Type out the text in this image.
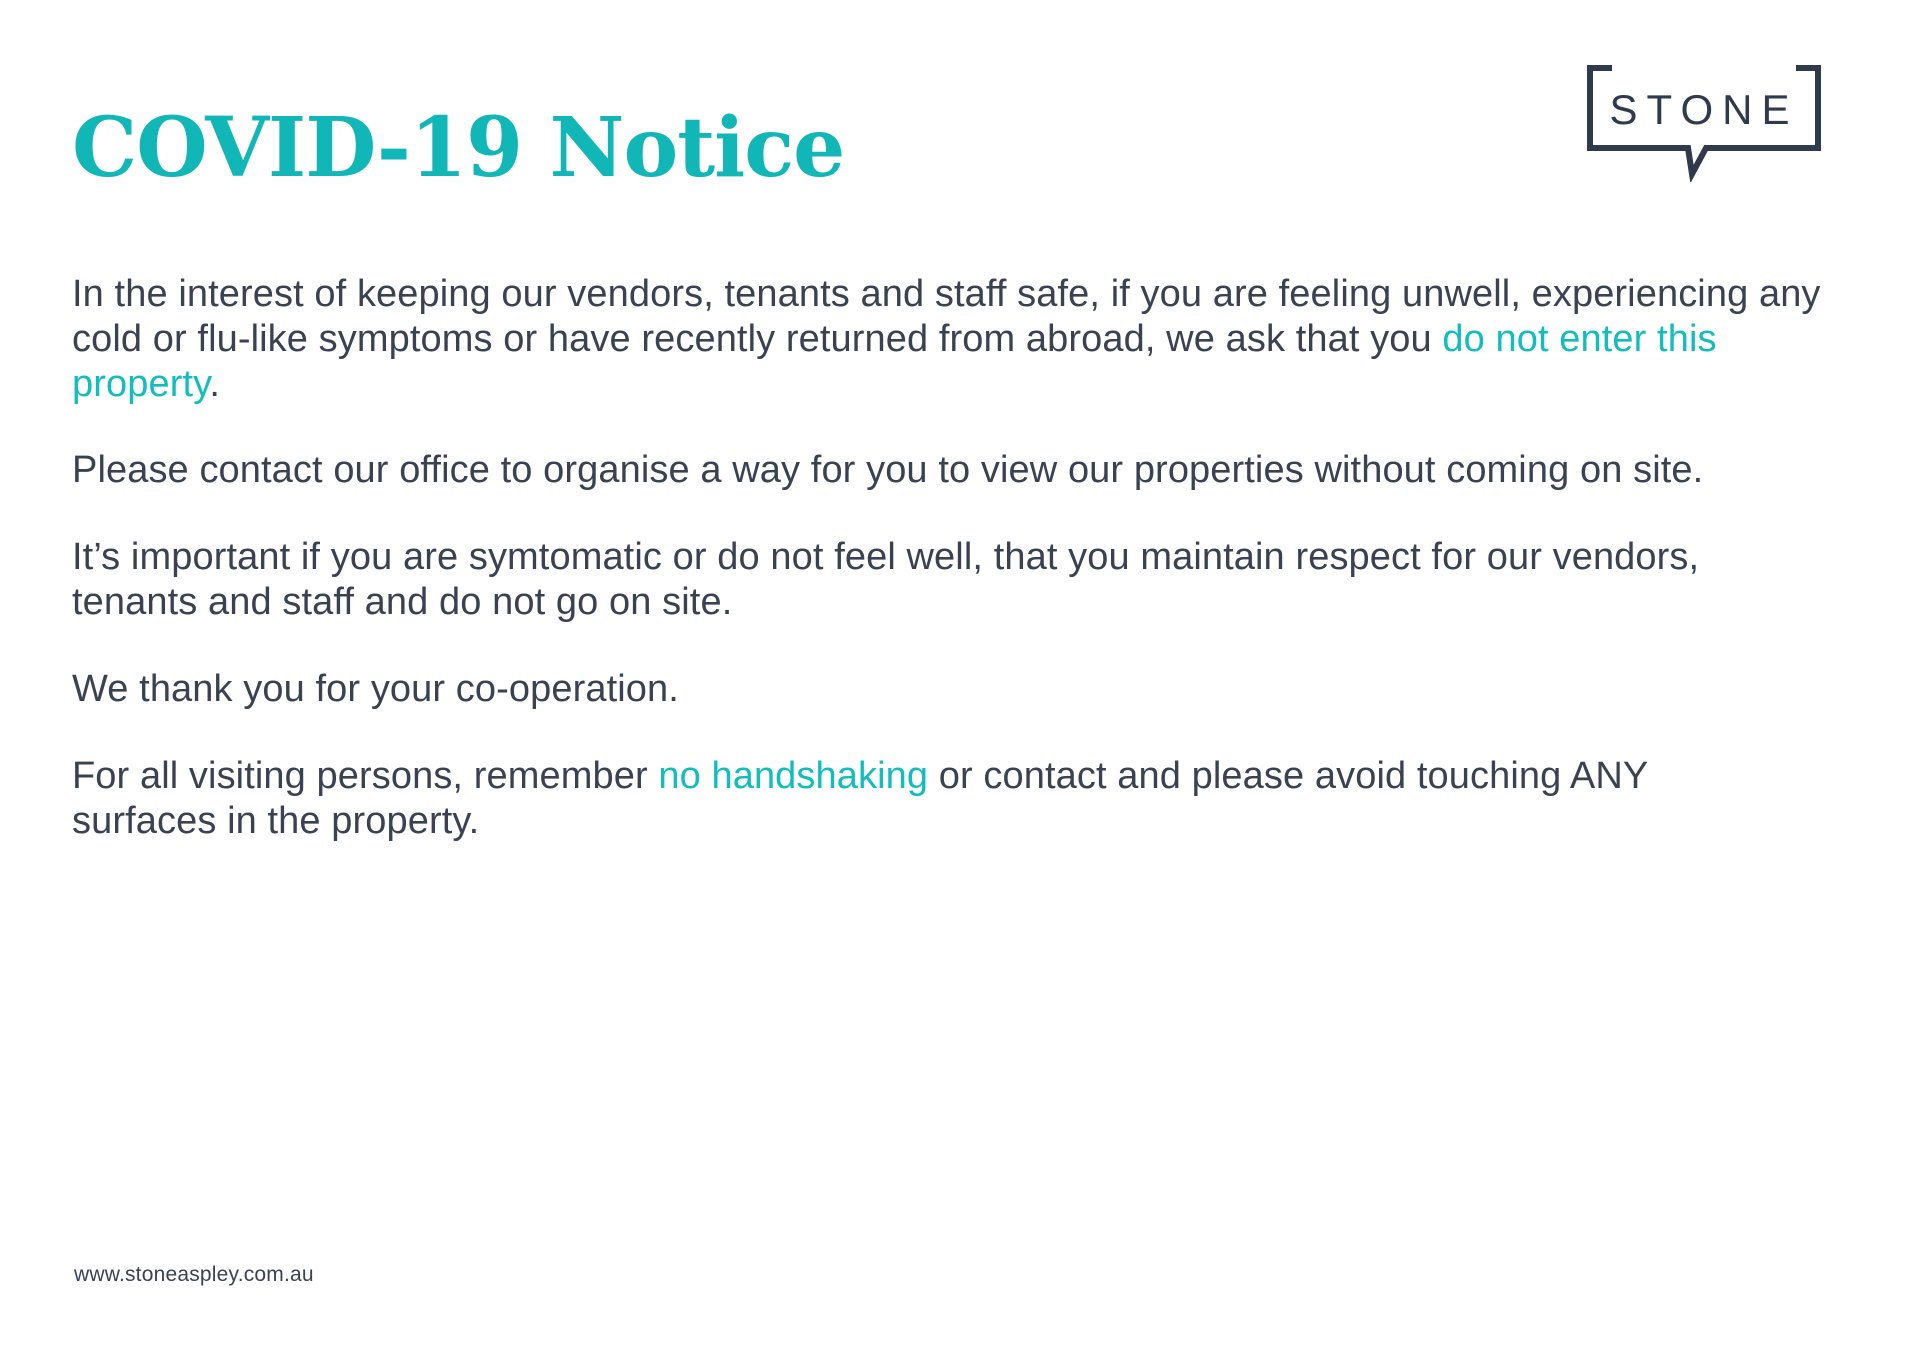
COVID-19 Notice	STONE

In the interest of keeping our vendors, tenants and staff safe, if you are feeling unwell, experiencing any cold or flu-like symptoms or have recently returned from abroad, we ask that you do not enter this property.

Please contact our office to organise a way for you to view our properties without coming on site.

It’s important if you are symtomatic or do not feel well, that you maintain respect for our vendors, tenants and staff and do not go on site.

We thank you for your co-operation.

For all visiting persons, remember no handshaking or contact and please avoid touching ANY surfaces in the property.

www.stoneaspley.com.au
